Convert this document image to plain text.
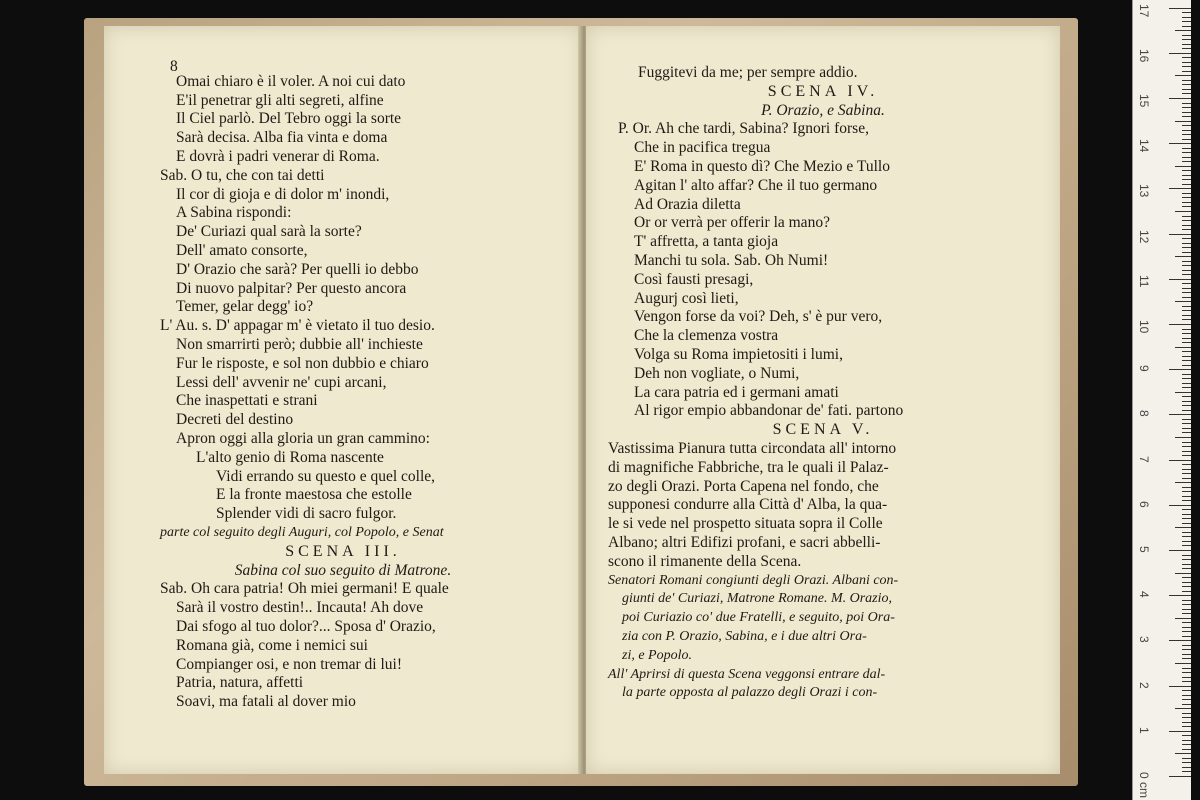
8
Omai chiaro è il voler. A noi cui dato
E'il penetrar gli alti segreti, alfine
Il Ciel parlò. Del Tebro oggi la sorte
Sarà decisa. Alba fia vinta e doma
E dovrà i padri venerar di Roma.
Sab. O tu, che con tai detti
Il cor di gioja e di dolor m' inondi,
A Sabina rispondi:
De' Curiazi qual sarà la sorte?
Dell' amato consorte,
D' Orazio che sarà? Per quelli io debbo
Di nuovo palpitar? Per questo ancora
Temer, gelar degg' io?
L' Au. s. D' appagar m' è vietato il tuo desio.
Non smarrirti però; dubbie all' inchieste
Fur le risposte, e sol non dubbio e chiaro
Lessi dell' avvenir ne' cupi arcani,
Che inaspettati e strani
Decreti del destino
Apron oggi alla gloria un gran cammino:
L'alto genio di Roma nascente
Vidi errando su questo e quel colle,
E la fronte maestosa che estolle
Splender vidi di sacro fulgor.
parte col seguito degli Auguri, col Popolo, e Senat
SCENA III.
Sabina col suo seguito di Matrone.
Sab. Oh cara patria! Oh miei germani! E quale
Sarà il vostro destin!.. Incauta! Ah dove
Dai sfogo al tuo dolor?... Sposa d' Orazio,
Romana già, come i nemici sui
Compianger osi, e non tremar di lui!
Patria, natura, affetti
Soavi, ma fatali al dover mio
Fuggitevi da me; per sempre addio.
SCENA IV.
P. Orazio, e Sabina.
P. Or. Ah che tardi, Sabina? Ignori forse,
Che in pacifica tregua
E' Roma in questo dì? Che Mezio e Tullo
Agitan l' alto affar? Che il tuo germano
Ad Orazia diletta
Or or verrà per offerir la mano?
T' affretta, a tanta gioja
Manchi tu sola. Sab. Oh Numi!
Così fausti presagi,
Augurj così lieti,
Vengon forse da voi? Deh, s' è pur vero,
Che la clemenza vostra
Volga su Roma impietositi i lumi,
Deh non vogliate, o Numi,
La cara patria ed i germani amati
Al rigor empio abbandonar de' fati. partono
SCENA V.
Vastissima Pianura tutta circondata all' intorno
di magnifiche Fabbriche, tra le quali il Palaz-
zo degli Orazi. Porta Capena nel fondo, che
supponesi condurre alla Città d' Alba, la qua-
le si vede nel prospetto situata sopra il Colle
Albano; altri Edifizi profani, e sacri abbelli-
scono il rimanente della Scena.
Senatori Romani congiunti degli Orazi. Albani con-
giunti de' Curiazi, Matrone Romane. M. Orazio,
poi Curiazio co' due Fratelli, e seguito, poi Ora-
zia con P. Orazio, Sabina, e i due altri Ora-
zi, e Popolo.
All' Aprirsi di questa Scena veggonsi entrare dal-
la parte opposta al palazzo degli Orazi i con-
0 cm
1
2
3
4
5
6
7
8
9
10
11
12
13
14
15
16
17
